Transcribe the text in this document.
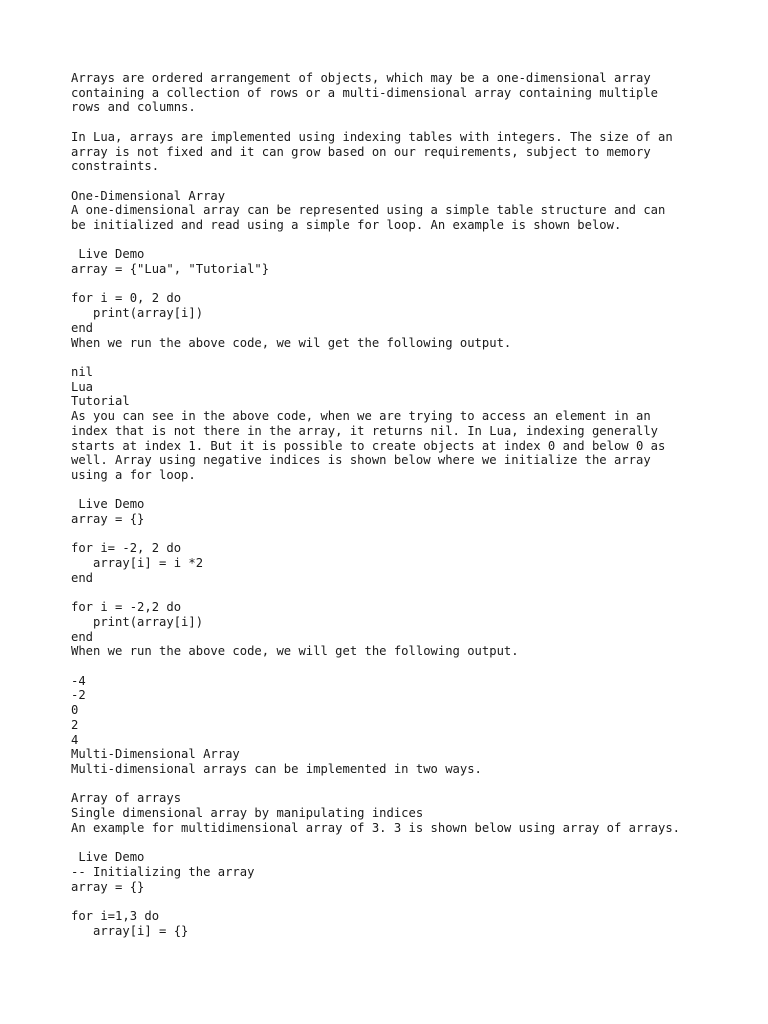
Arrays are ordered arrangement of objects, which may be a one-dimensional array
containing a collection of rows or a multi-dimensional array containing multiple
rows and columns.
In Lua, arrays are implemented using indexing tables with integers. The size of an
array is not fixed and it can grow based on our requirements, subject to memory
constraints.
One-Dimensional Array
A one-dimensional array can be represented using a simple table structure and can
be initialized and read using a simple for loop. An example is shown below.
Live Demo
array = {"Lua", "Tutorial"}
for i = 0, 2 do
print(array[i])
end
When we run the above code, we wil get the following output.
nil
Lua
Tutorial
As you can see in the above code, when we are trying to access an element in an
index that is not there in the array, it returns nil. In Lua, indexing generally
starts at index 1. But it is possible to create objects at index 0 and below 0 as
well. Array using negative indices is shown below where we initialize the array
using a for loop.
Live Demo
array = {}
for i= -2, 2 do
array[i] = i *2
end
for i = -2,2 do
print(array[i])
end
When we run the above code, we will get the following output.
-4
-2
0
2
4
Multi-Dimensional Array
Multi-dimensional arrays can be implemented in two ways.
Array of arrays
Single dimensional array by manipulating indices
An example for multidimensional array of 3. 3 is shown below using array of arrays.
Live Demo
-- Initializing the array
array = {}
for i=1,3 do
array[i] = {}
